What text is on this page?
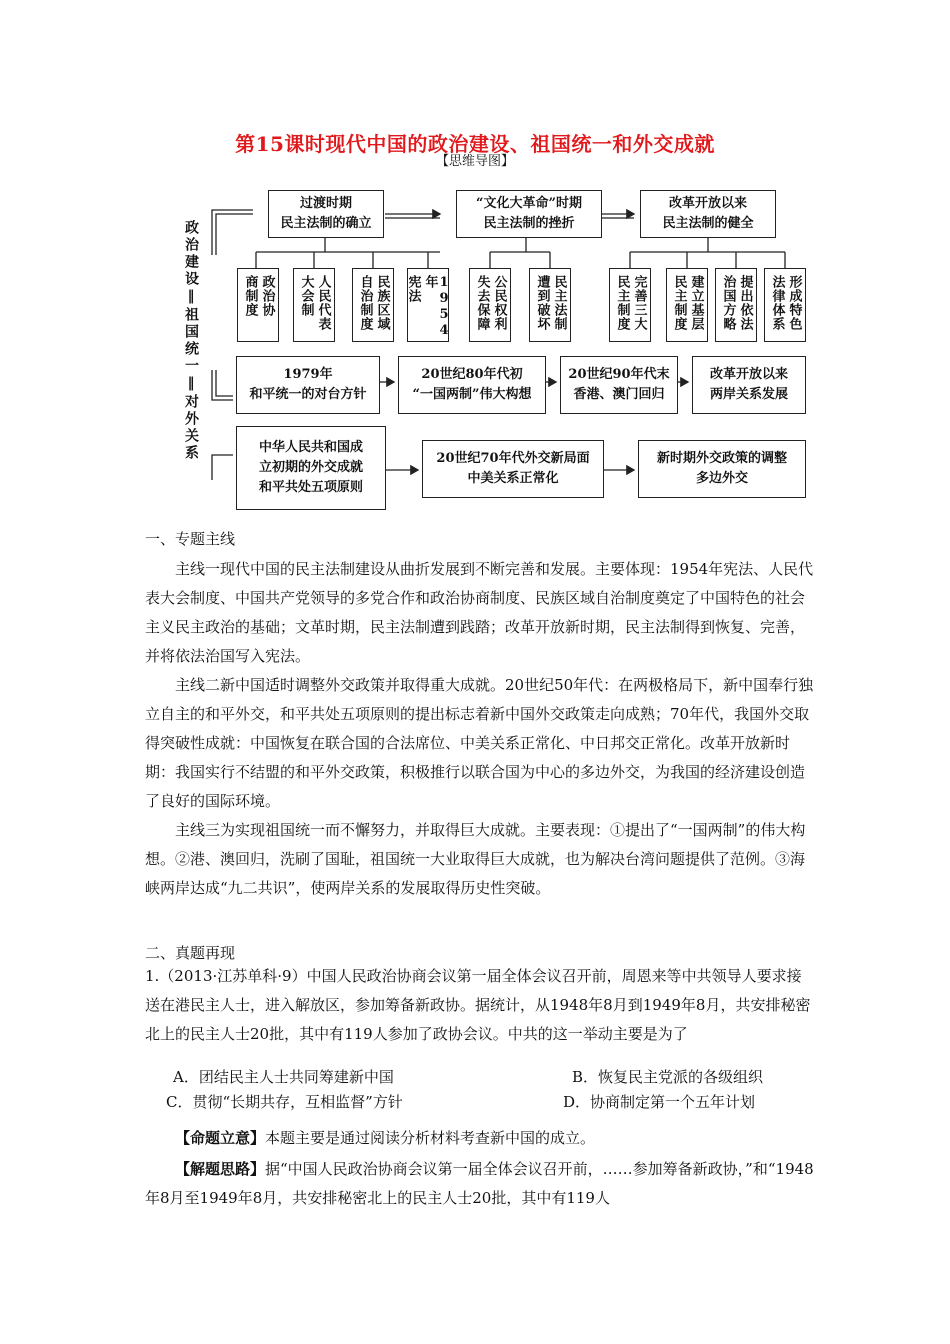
第15课时现代中国的政治建设、祖国统一和外交成就
【思维导图】
政治建设‖祖国统一‖对外关系
过渡时期
民主法制的确立
“文化大革命”时期
民主法制的挫折
改革开放以来
民主法制的健全
商制度 政治协 大会制 人民代表 自治制度 民族区域 宪法	1954年	失去保障 公民权利 遭到破坏 民主法制	民主制度 完善三大 民主制度 建立基层 治国方略 提出依法 法律体系 形成特色
1979年
和平统一的对台方针
20世纪80年代初
“一国两制”伟大构想
20世纪90年代末
香港、澳门回归
改革开放以来
两岸关系发展
中华人民共和国成
立初期的外交成就
和平共处五项原则
20世纪70年代外交新局面
中美关系正常化
新时期外交政策的调整
多边外交
一、专题主线

主线一现代中国的民主法制建设从曲折发展到不断完善和发展。主要体现：1954年宪法、人民代表大会制度、中国共产党领导的多党合作和政治协商制度、民族区域自治制度奠定了中国特色的社会主义民主政治的基础；文革时期，民主法制遭到践踏；改革开放新时期，民主法制得到恢复、完善，并将依法治国写入宪法。

主线二新中国适时调整外交政策并取得重大成就。20世纪50年代：在两极格局下，新中国奉行独立自主的和平外交，和平共处五项原则的提出标志着新中国外交政策走向成熟；70年代，我国外交取得突破性成就：中国恢复在联合国的合法席位、中美关系正常化、中日邦交正常化。改革开放新时期：我国实行不结盟的和平外交政策，积极推行以联合国为中心的多边外交，为我国的经济建设创造了良好的国际环境。

主线三为实现祖国统一而不懈努力，并取得巨大成就。主要表现：①提出了“一国两制”的伟大构想。②港、澳回归，洗刷了国耻，祖国统一大业取得巨大成就，也为解决台湾问题提供了范例。③海峡两岸达成“九二共识”，使两岸关系的发展取得历史性突破。

二、真题再现
1.（2013·江苏单科·9）中国人民政治协商会议第一届全体会议召开前，周恩来等中共领导人要求接送在港民主人士，进入解放区，参加筹备新政协。据统计，从1948年8月到1949年8月，共安排秘密北上的民主人士20批，其中有119人参加了政协会议。中共的这一举动主要是为了
A．团结民主人士共同筹建新中国	B．恢复民主党派的各级组织
C．贯彻“长期共存，互相监督”方针	D．协商制定第一个五年计划

【命题立意】本题主要是通过阅读分析材料考查新中国的成立。

【解题思路】据“中国人民政治协商会议第一届全体会议召开前，……参加筹备新政协，”和“1948年8月至1949年8月，共安排秘密北上的民主人士20批，其中有119人
